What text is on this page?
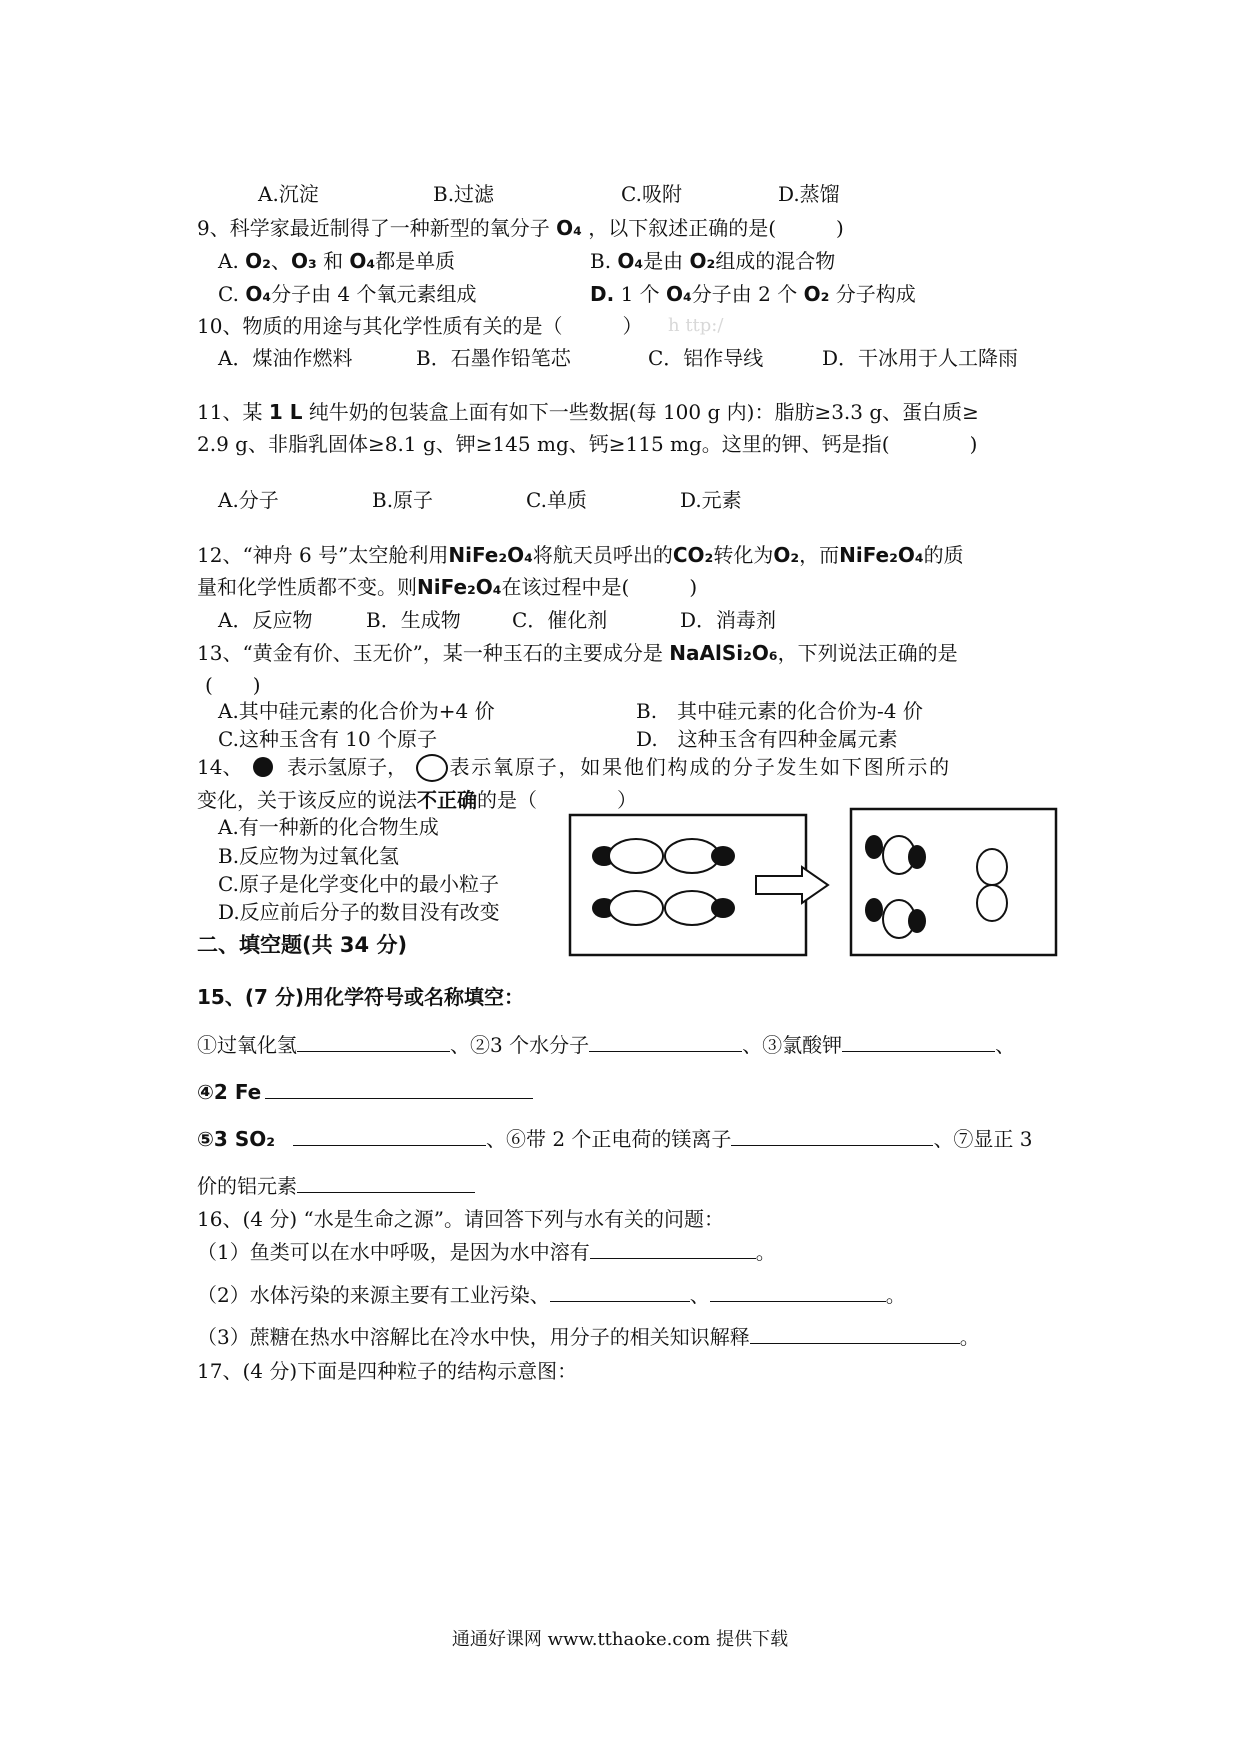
A.沉淀	B.过滤	C.吸附	D.蒸馏
9、科学家最近制得了一种新型的氧分子 O₄ ，以下叙述正确的是(　　　)
A. O₂、O₃ 和 O₄都是单质	B. O₄是由 O₂组成的混合物
C. O₄分子由 4 个氧元素组成	D. 1 个 O₄分子由 2 个 O₂ 分子构成
10、物质的用途与其化学性质有关的是（　　　） h ttp:/
A．煤油作燃料	B．石墨作铅笔芯	C．铝作导线	D．干冰用于人工降雨
11、某 1 L 纯牛奶的包装盒上面有如下一些数据(每 100 g 内)：脂肪≥3.3 g、蛋白质≥
2.9 g、非脂乳固体≥8.1 g、钾≥145 mg、钙≥115 mg。这里的钾、钙是指(　　　　)
A.分子	B.原子	C.单质	D.元素
12、“神舟 6 号”太空舱利用NiFe₂O₄将航天员呼出的CO₂转化为O₂，而NiFe₂O₄的质
量和化学性质都不变。则NiFe₂O₄在该过程中是(　　　)
A．反应物	B．生成物	C．催化剂	D．消毒剂
13、“黄金有价、玉无价”，某一种玉石的主要成分是 NaAlSi₂O₆，下列说法正确的是
(　　)
A.其中硅元素的化合价为+4 价	B.　其中硅元素的化合价为-4 价
C.这种玉含有 10 个原子	D.　这种玉含有四种金属元素
14、 表示氢原子， 表示氧原子，如果他们构成的分子发生如下图所示的
变化，关于该反应的说法不正确的是（　　　　）
A.有一种新的化合物生成
B.反应物为过氧化氢
C.原子是化学变化中的最小粒子
D.反应前后分子的数目没有改变
二、填空题(共 34 分)
15、(7 分)用化学符号或名称填空：
①过氧化氢	、②3 个水分子	、③氯酸钾	、
④2 Fe
⑤3 SO₂	、⑥带 2 个正电荷的镁离子	、⑦显正 3
价的铝元素
16、(4 分) “水是生命之源”。请回答下列与水有关的问题：
（1）鱼类可以在水中呼吸，是因为水中溶有	。
（2）水体污染的来源主要有工业污染、	、	。
（3）蔗糖在热水中溶解比在冷水中快，用分子的相关知识解释	。
17、(4 分)下面是四种粒子的结构示意图：
通通好课网 www.tthaoke.com 提供下载
